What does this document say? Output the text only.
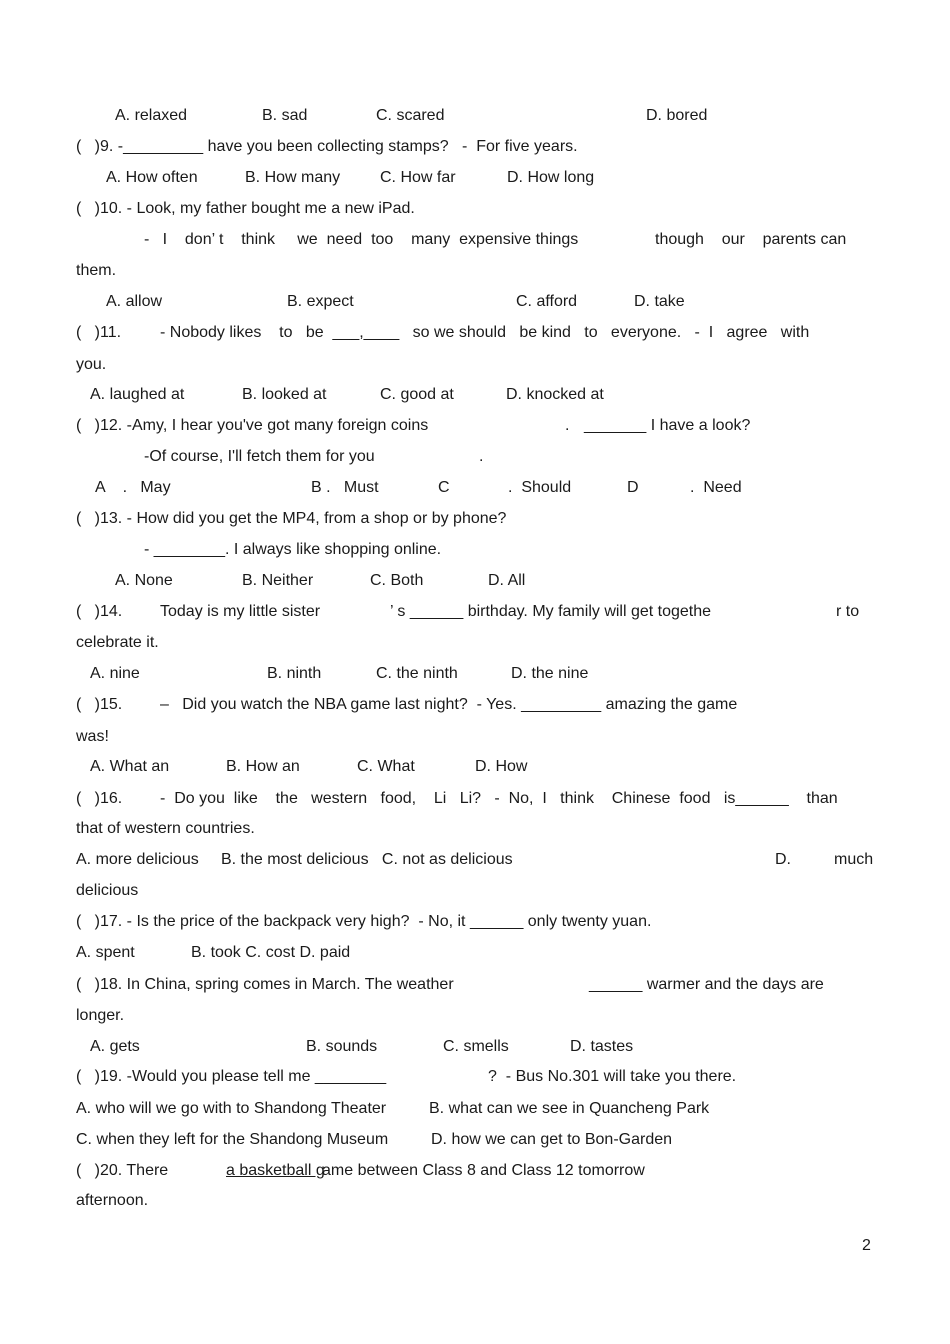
A. relaxed	B. sad	C. scared	D. bored
(   )9. -_________ have you been collecting stamps?   -  For five years.
A. How often	B. How many C. How far	D. How long
(   )10. - Look, my father bought me a new iPad.
-   I    don’ t    think     we  need  too    many  expensive things	though    our    parents can
them.
A. allow	B. expect	C. afford	D. take
(   )11. - Nobody likes    to   be  ___,____   so we should   be kind   to   everyone.   -  I   agree   with
you.
A. laughed at	B. looked at	C. good at	D. knocked at
(   )12. -Amy, I hear you've got many foreign coins	. _______ I have a look?
-Of course, I'll fetch them for you	.
A    .   May	B .   Must	C	.  Should	D	.  Need
(   )13. - How did you get the MP4, from a shop or by phone?
- ________. I always like shopping online.
A. None	B. Neither	C. Both	D. All
(   )14. Today is my little sister	’ s ______ birthday. My family will get togethe	r to
celebrate it.
A. nine	B. ninth	C. the ninth	D. the nine
(   )15. –   Did you watch the NBA game last night?  - Yes. _________ amazing the game
was!
A. What an	B. How an	C. What	D. How
(   )16. -  Do you  like    the   western   food,    Li   Li?   -  No,  I   think    Chinese  food   is______    than
that of western countries.
A. more delicious     B. the most delicious   C. not as delicious	D.	much
delicious
(   )17. - Is the price of the backpack very high?  - No, it ______ only twenty yuan.
A. spent	B. took C. cost D. paid
(   )18. In China, spring comes in March. The weather	______ warmer and the days are
longer.
A. gets	B. sounds	C. smells	D. tastes
(   )19. -Would you please tell me ________	?  - Bus No.301 will take you there.
A. who will we go with to Shandong Theater	B. what can we see in Quancheng Park
C. when they left for the Shandong Museum	D. how we can get to Bon-Garden
(   )20. There	a basketball g
ame between Class 8 and Class 12 tomorrow
afternoon.
2
